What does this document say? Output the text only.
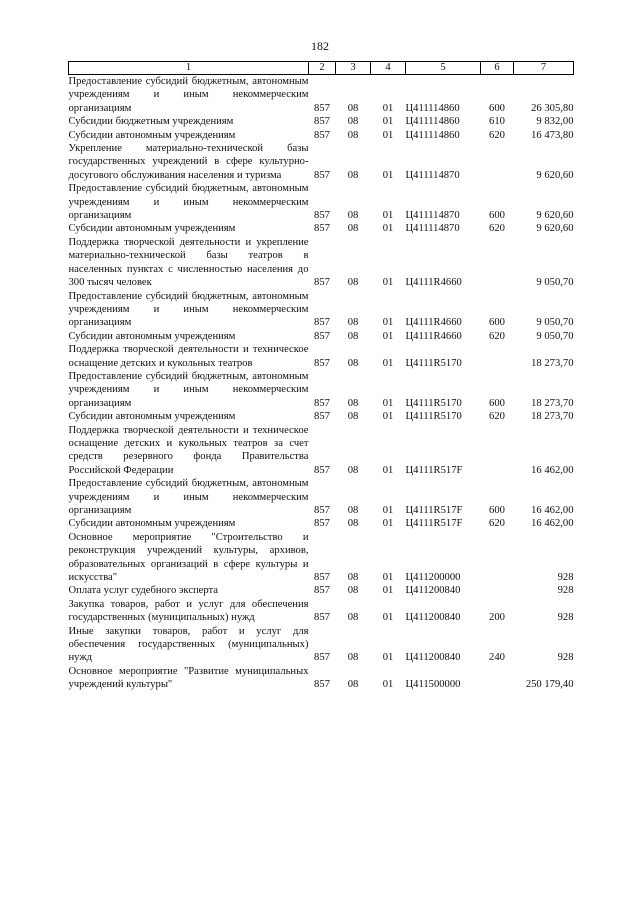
182
1	2	3	4	5	6	7
Предоставление субсидий бюджетным, автономным учреждениям и иным некоммерческим организациям	857	08	01	Ц411114860	600	26 305,80
Субсидии бюджетным учреждениям	857	08	01	Ц411114860	610	9 832,00
Субсидии автономным учреждениям	857	08	01	Ц411114860	620	16 473,80
Укрепление материально-технической базы государственных учреждений в сфере культурно-досугового обслуживания населения и туризма	857	08	01	Ц411114870		9 620,60
Предоставление субсидий бюджетным, автономным учреждениям и иным некоммерческим организациям	857	08	01	Ц411114870	600	9 620,60
Субсидии автономным учреждениям	857	08	01	Ц411114870	620	9 620,60
Поддержка творческой деятельности и укрепление материально-технической базы театров в населенных пунктах с численностью населения до 300 тысяч человек	857	08	01	Ц4111R4660		9 050,70
Предоставление субсидий бюджетным, автономным учреждениям и иным некоммерческим организациям	857	08	01	Ц4111R4660	600	9 050,70
Субсидии автономным учреждениям	857	08	01	Ц4111R4660	620	9 050,70
Поддержка творческой деятельности и техническое оснащение детских и кукольных театров	857	08	01	Ц4111R5170		18 273,70
Предоставление субсидий бюджетным, автономным учреждениям и иным некоммерческим организациям	857	08	01	Ц4111R5170	600	18 273,70
Субсидии автономным учреждениям	857	08	01	Ц4111R5170	620	18 273,70
Поддержка творческой деятельности и техническое оснащение детских и кукольных театров за счет средств резервного фонда Правительства Российской Федерации	857	08	01	Ц4111R517F		16 462,00
Предоставление субсидий бюджетным, автономным учреждениям и иным некоммерческим организациям	857	08	01	Ц4111R517F	600	16 462,00
Субсидии автономным учреждениям	857	08	01	Ц4111R517F	620	16 462,00
Основное мероприятие "Строительство и реконструкция учреждений культуры, архивов, образовательных организаций в сфере культуры и искусства"	857	08	01	Ц411200000		928
Оплата услуг судебного эксперта	857	08	01	Ц411200840		928
Закупка товаров, работ и услуг для обеспечения государственных (муниципальных) нужд	857	08	01	Ц411200840	200	928
Иные закупки товаров, работ и услуг для обеспечения государственных (муниципальных) нужд	857	08	01	Ц411200840	240	928
Основное мероприятие "Развитие муниципальных учреждений культуры"	857	08	01	Ц411500000		250 179,40
